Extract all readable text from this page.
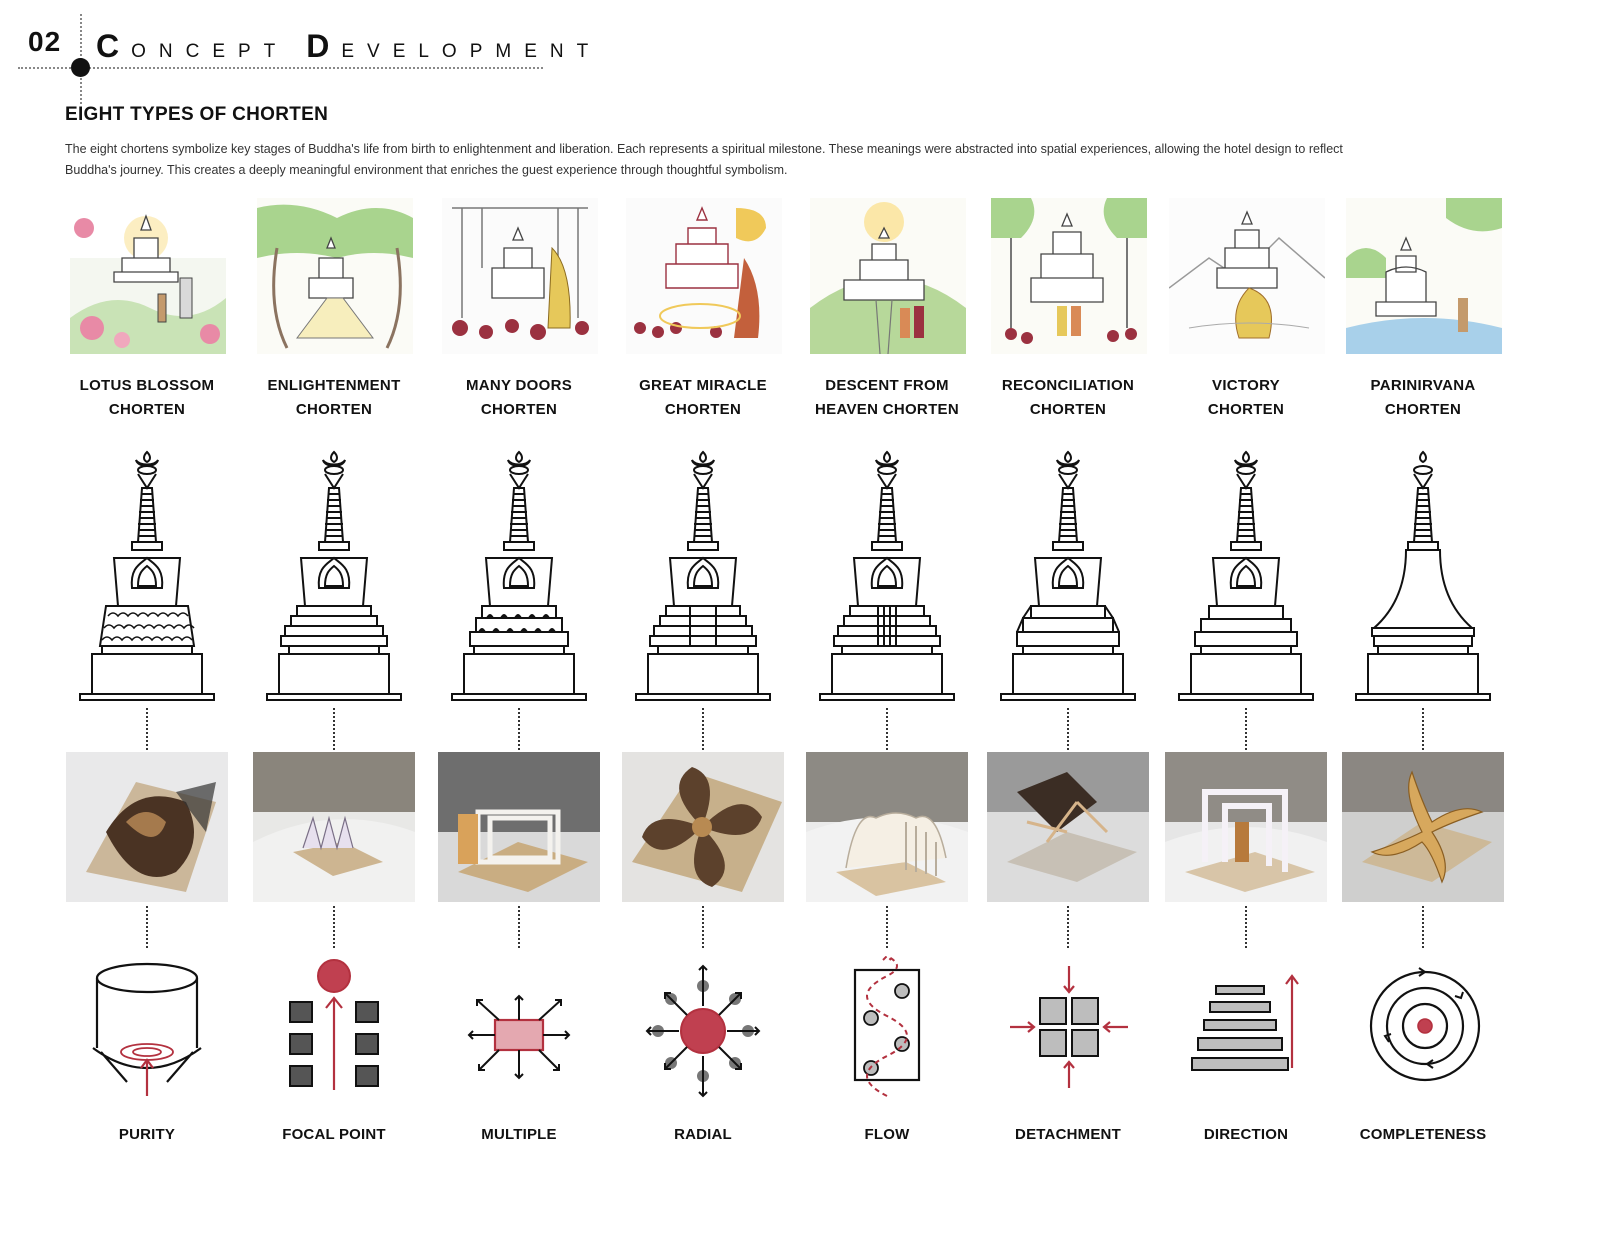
02 CONCEPT DEVELOPMENT
EIGHT TYPES OF CHORTEN
The eight chortens symbolize key stages of Buddha's life from birth to enlightenment and liberation. Each represents a spiritual milestone. These meanings were abstracted into spatial experiences, allowing the hotel design to reflect Buddha's journey. This creates a deeply meaningful environment that enriches the guest experience through thoughtful symbolism.
LOTUS BLOSSOM
CHORTEN
PURITY
ENLIGHTENMENT
CHORTEN
FOCAL POINT
MANY DOORS
CHORTEN
MULTIPLE
GREAT MIRACLE
CHORTEN
RADIAL
DESCENT FROM
HEAVEN CHORTEN
FLOW
RECONCILIATION
CHORTEN
DETACHMENT
VICTORY
CHORTEN
DIRECTION
PARINIRVANA
CHORTEN
COMPLETENESS
